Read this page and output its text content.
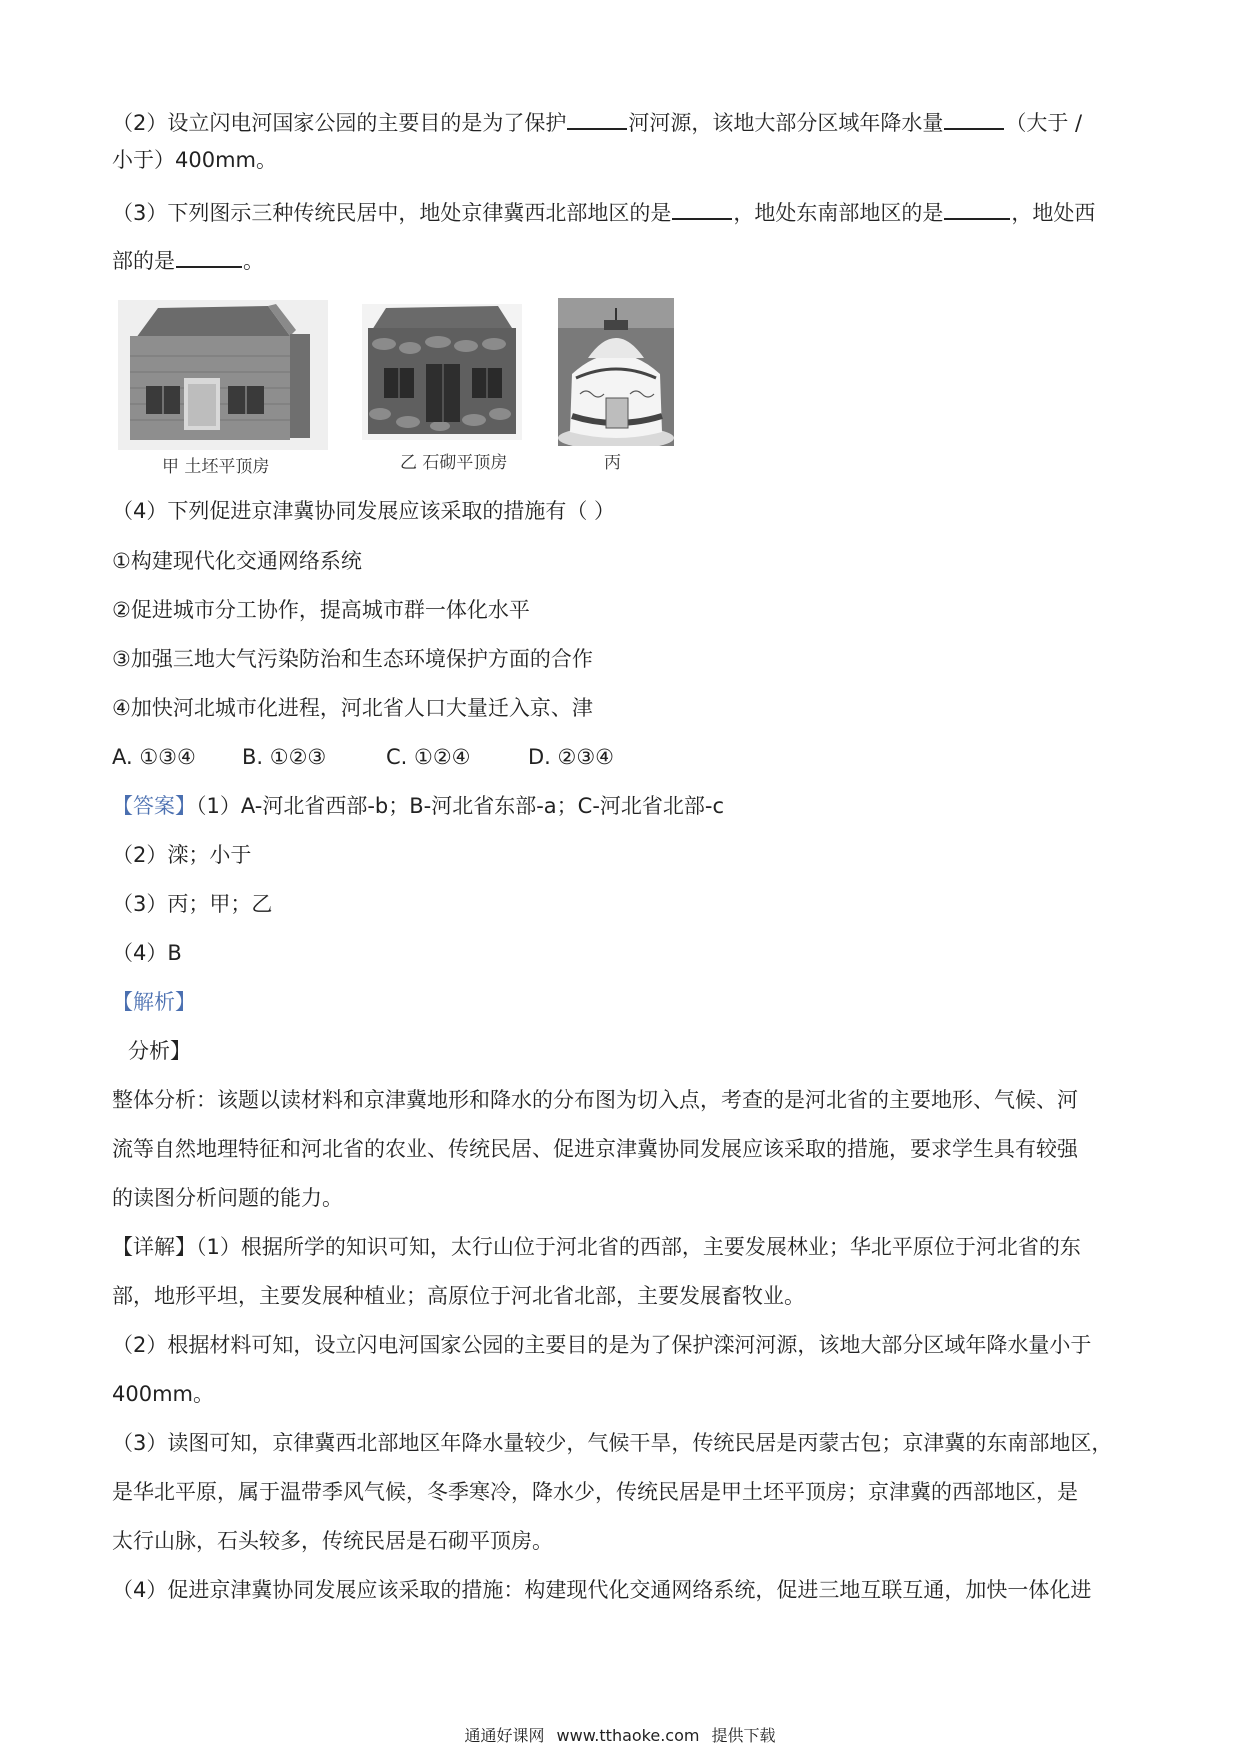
（2）设立闪电河国家公园的主要目的是为了保护	河河源，该地大部分区域年降水量	（大于 /
小于）400mm。
（3）下列图示三种传统民居中，地处京律冀西北部地区的是	，地处东南部地区的是	，地处西
部的是	。
甲 土坯平顶房	乙 石砌平顶房	丙
（4）下列促进京津冀协同发展应该采取的措施有（ ）
①构建现代化交通网络系统
②促进城市分工协作，提高城市群一体化水平
③加强三地大气污染防治和生态环境保护方面的合作
④加快河北城市化进程，河北省人口大量迁入京、津
A. ①③④ B. ①②③	C. ①②④	D. ②③④
【答案】（1）A-河北省西部-b；B-河北省东部-a；C-河北省北部-c
（2）滦；小于
（3）丙；甲；乙
（4）B
【解析】
分析】
整体分析：该题以读材料和京津冀地形和降水的分布图为切入点，考查的是河北省的主要地形、气候、河
流等自然地理特征和河北省的农业、传统民居、促进京津冀协同发展应该采取的措施，要求学生具有较强
的读图分析问题的能力。
【详解】（1）根据所学的知识可知，太行山位于河北省的西部，主要发展林业；华北平原位于河北省的东
部，地形平坦，主要发展种植业；高原位于河北省北部，主要发展畜牧业。
（2）根据材料可知，设立闪电河国家公园的主要目的是为了保护滦河河源，该地大部分区域年降水量小于
400mm。
（3）读图可知，京律冀西北部地区年降水量较少，气候干旱，传统民居是丙蒙古包；京津冀的东南部地区，
是华北平原，属于温带季风气候，冬季寒冷，降水少，传统民居是甲土坯平顶房；京津冀的西部地区，是
太行山脉，石头较多，传统民居是石砌平顶房。
（4）促进京津冀协同发展应该采取的措施：构建现代化交通网络系统，促进三地互联互通，加快一体化进
通通好课网 www.tthaoke.com 提供下载
